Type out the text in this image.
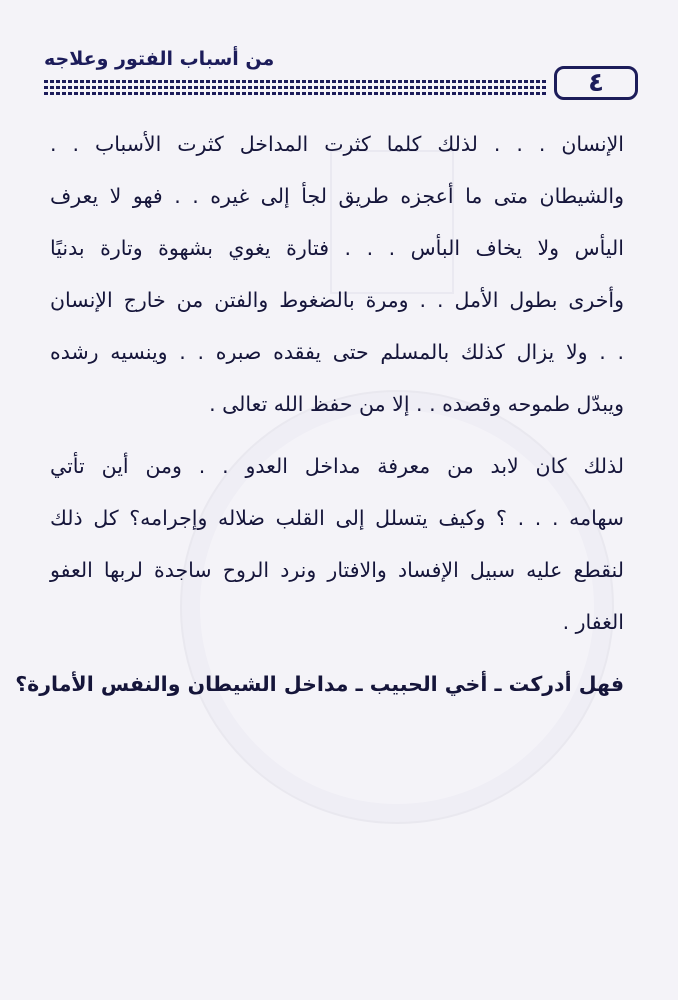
من أسباب الفتور وعلاجه
٤
الإنسان . . . لذلك كلما كثرت المداخل كثرت الأسباب . .
والشيطان متى ما أعجزه طريق لجأ إلى غيره . . فهو لا يعرف
اليأس ولا يخاف البأس . . . فتارة يغوي بشهوة وتارة بدنيًا
وأخرى بطول الأمل . . ومرة بالضغوط والفتن من خارج الإنسان
. . ولا يزال كذلك بالمسلم حتى يفقده صبره . . وينسيه رشده
ويبدّل طموحه وقصده . . إلا من حفظ الله تعالى .
لذلك كان لابد من معرفة مداخل العدو . . ومن أين تأتي
سهامه . . . ؟ وكيف يتسلل إلى القلب ضلاله وإجرامه؟ كل ذلك
لنقطع عليه سبيل الإفساد والافتار ونرد الروح ساجدة لربها العفو
الغفار .
فهل أدركت ـ أخي الحبيب ـ مداخل الشيطان والنفس الأمارة؟
